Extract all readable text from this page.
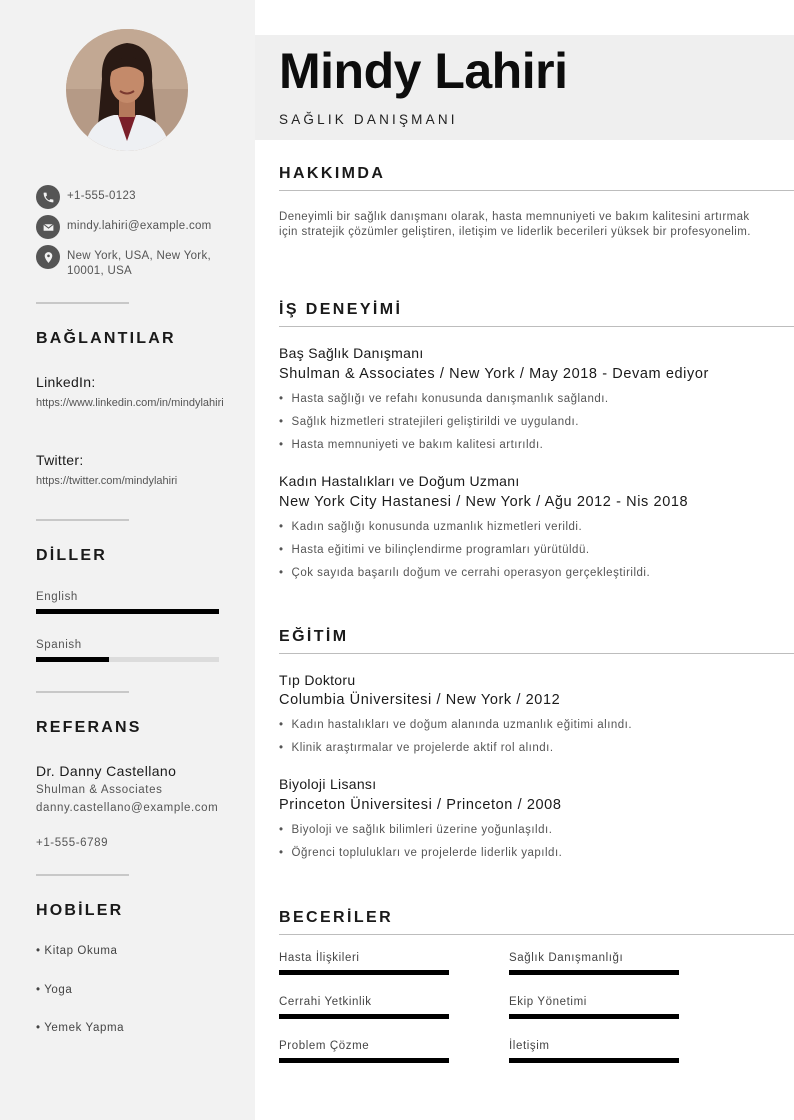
+1-555-0123
mindy.lahiri@example.com
New York, USA, New York, 10001, USA
BAĞLANTILAR
LinkedIn:
https://www.linkedin.com/in/mindylahiri
Twitter:
https://twitter.com/mindylahiri
DİLLER
English
Spanish
REFERANS
Dr. Danny Castellano
Shulman & Associates
danny.castellano@example.com
+1-555-6789
HOBİLER
• Kitap Okuma
• Yoga
• Yemek Yapma
Mindy Lahiri
SAĞLIK DANIŞMANI
HAKKIMDA
Deneyimli bir sağlık danışmanı olarak, hasta memnuniyeti ve bakım kalitesini artırmak için stratejik çözümler geliştiren, iletişim ve liderlik becerileri yüksek bir profesyonelim.
İŞ DENEYİMİ
Baş Sağlık Danışmanı
Shulman & Associates / New York / May 2018 - Devam ediyor
• Hasta sağlığı ve refahı konusunda danışmanlık sağlandı.
• Sağlık hizmetleri stratejileri geliştirildi ve uygulandı.
• Hasta memnuniyeti ve bakım kalitesi artırıldı.
Kadın Hastalıkları ve Doğum Uzmanı
New York City Hastanesi / New York / Ağu 2012 - Nis 2018
• Kadın sağlığı konusunda uzmanlık hizmetleri verildi.
• Hasta eğitimi ve bilinçlendirme programları yürütüldü.
• Çok sayıda başarılı doğum ve cerrahi operasyon gerçekleştirildi.
EĞİTİM
Tıp Doktoru
Columbia Üniversitesi / New York / 2012
• Kadın hastalıkları ve doğum alanında uzmanlık eğitimi alındı.
• Klinik araştırmalar ve projelerde aktif rol alındı.
Biyoloji Lisansı
Princeton Üniversitesi / Princeton / 2008
• Biyoloji ve sağlık bilimleri üzerine yoğunlaşıldı.
• Öğrenci toplulukları ve projelerde liderlik yapıldı.
BECERİLER
Hasta İlişkileri	Sağlık Danışmanlığı
Cerrahi Yetkinlik	Ekip Yönetimi
Problem Çözme	İletişim
